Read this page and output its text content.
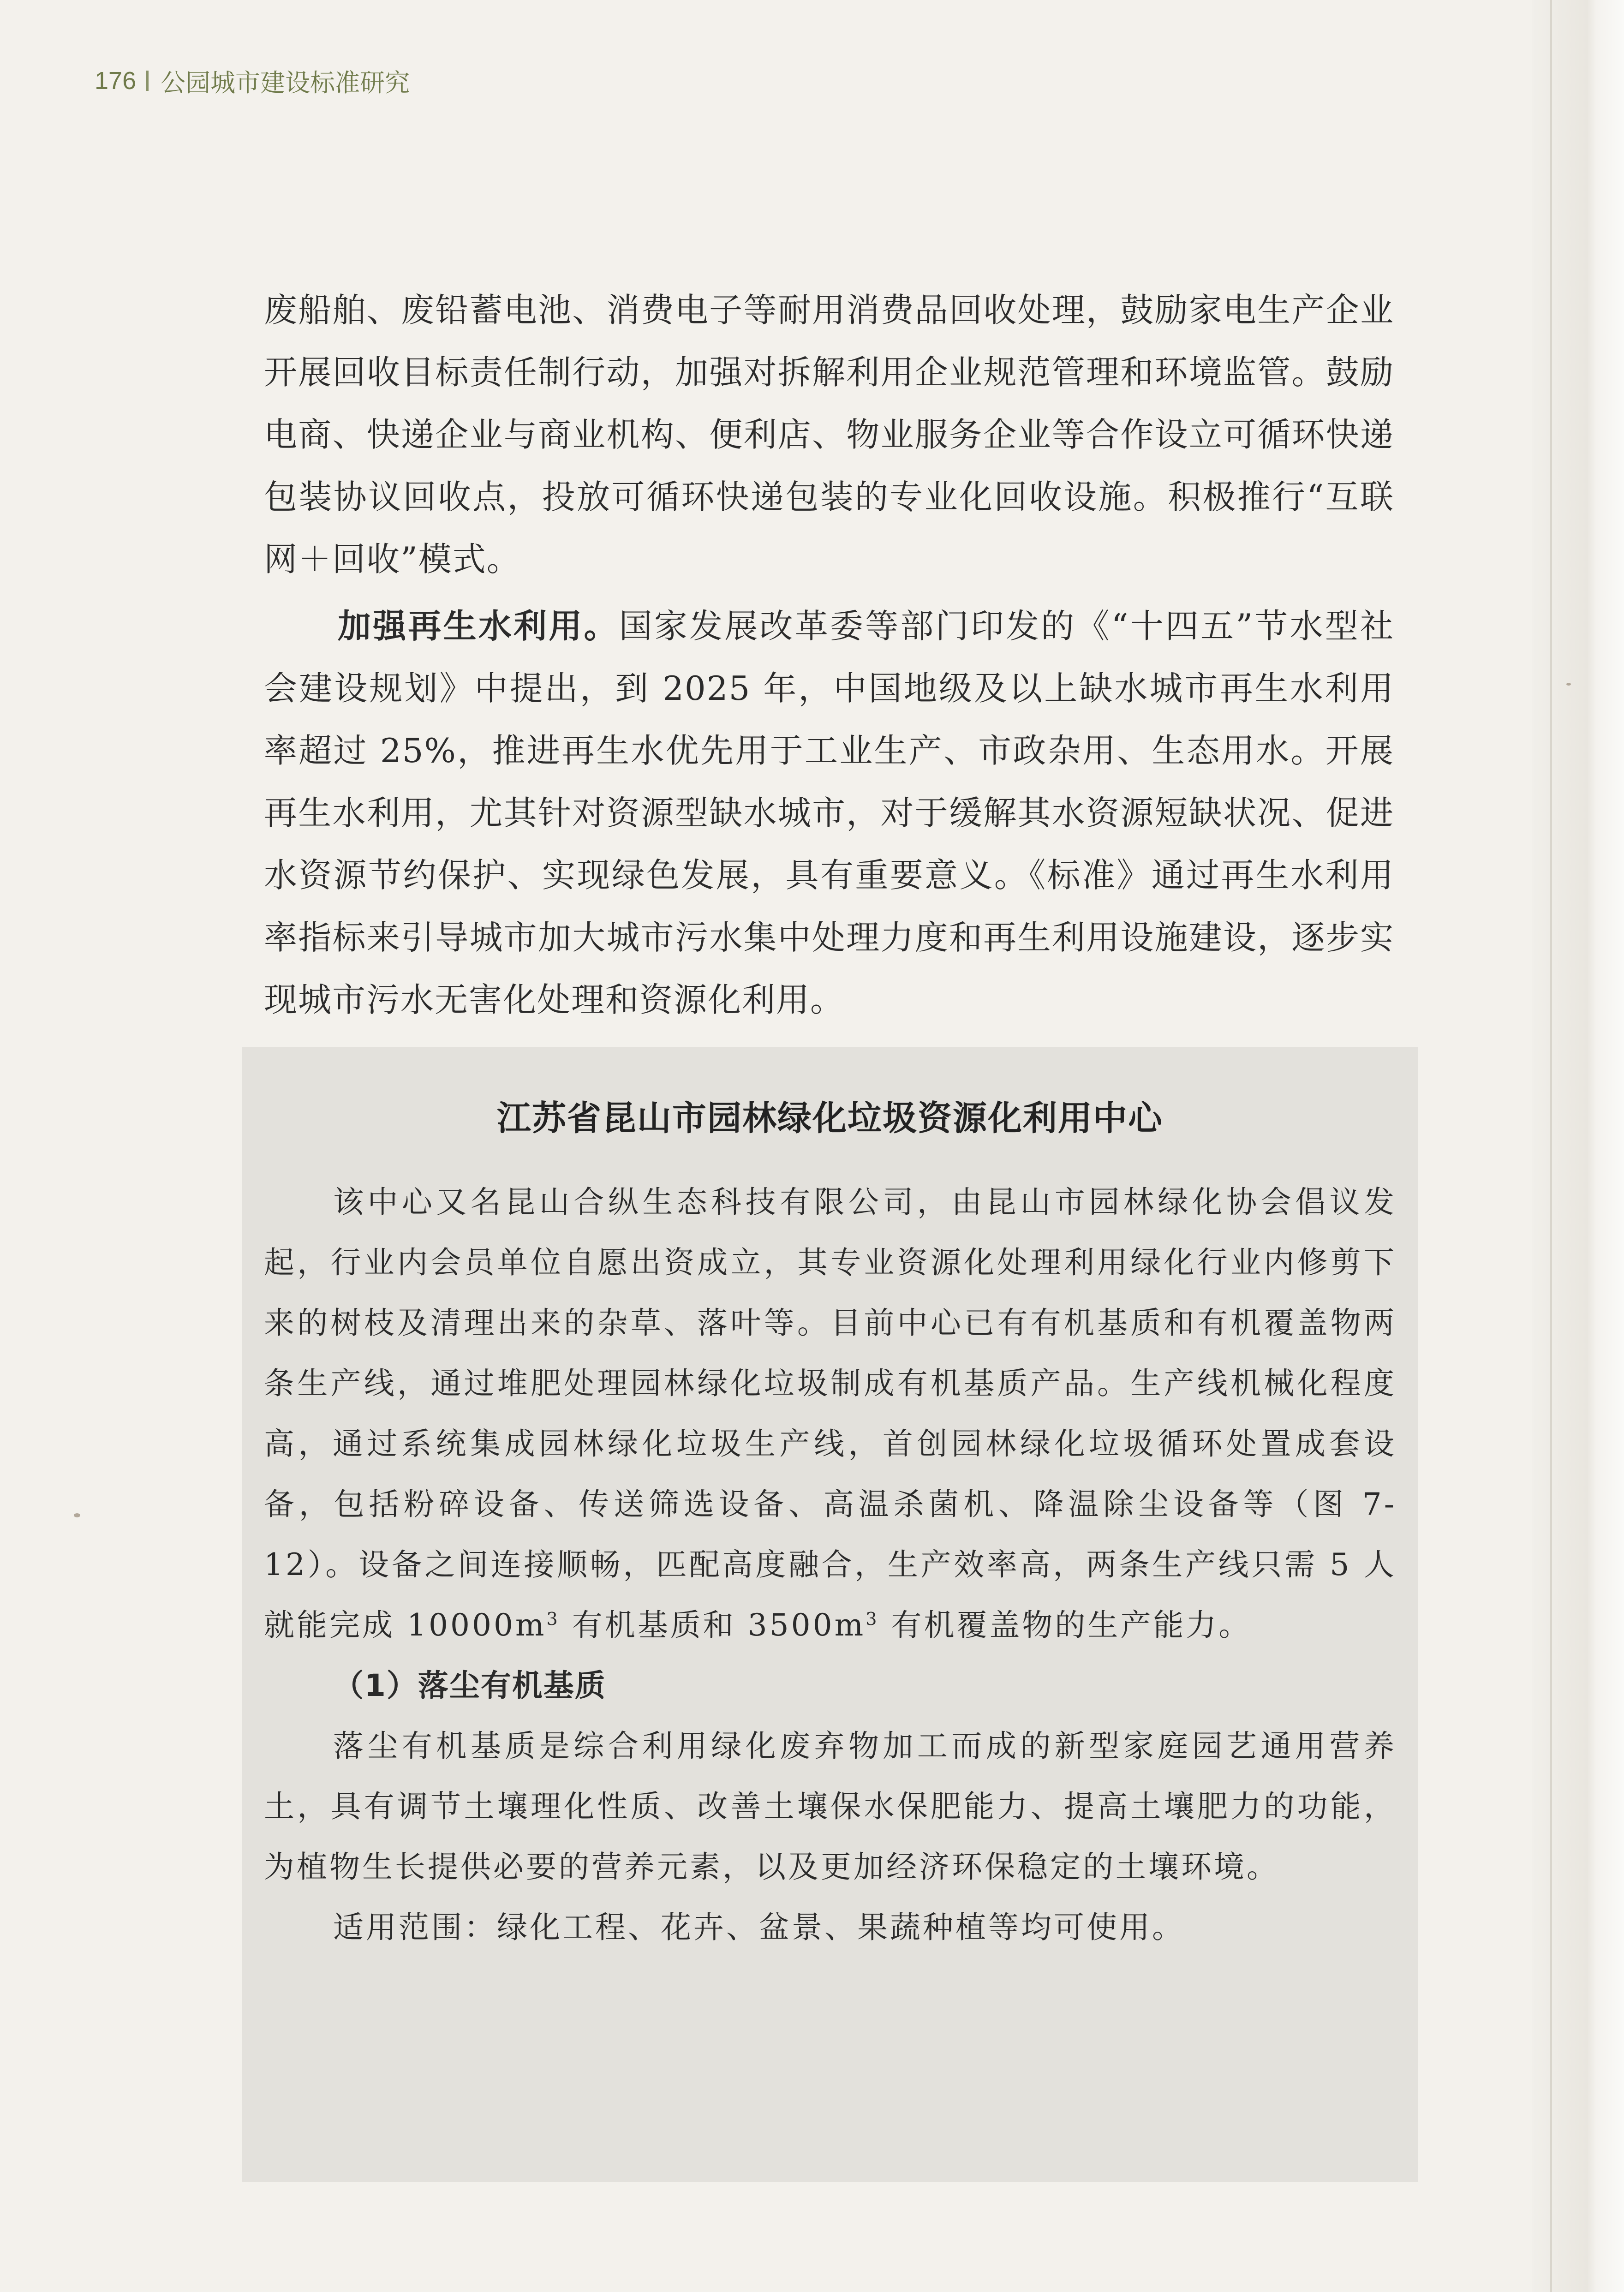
176 公园城市建设标准研究

废船舶、废铅蓄电池、消费电子等耐用消费品回收处理，鼓励家电生产企业开展回收目标责任制行动，加强对拆解利用企业规范管理和环境监管。鼓励电商、快递企业与商业机构、便利店、物业服务企业等合作设立可循环快递包装协议回收点，投放可循环快递包装的专业化回收设施。积极推行“互联网＋回收”模式。

加强再生水利用。国家发展改革委等部门印发的《“十四五”节水型社会建设规划》中提出，到 2025 年，中国地级及以上缺水城市再生水利用率超过 25%，推进再生水优先用于工业生产、市政杂用、生态用水。开展再生水利用，尤其针对资源型缺水城市，对于缓解其水资源短缺状况、促进水资源节约保护、实现绿色发展，具有重要意义。《标准》通过再生水利用率指标来引导城市加大城市污水集中处理力度和再生利用设施建设，逐步实现城市污水无害化处理和资源化利用。

江苏省昆山市园林绿化垃圾资源化利用中心

该中心又名昆山合纵生态科技有限公司，由昆山市园林绿化协会倡议发起，行业内会员单位自愿出资成立，其专业资源化处理利用绿化行业内修剪下来的树枝及清理出来的杂草、落叶等。目前中心已有有机基质和有机覆盖物两条生产线，通过堆肥处理园林绿化垃圾制成有机基质产品。生产线机械化程度高，通过系统集成园林绿化垃圾生产线，首创园林绿化垃圾循环处置成套设备，包括粉碎设备、传送筛选设备、高温杀菌机、降温除尘设备等（图 7-12）。设备之间连接顺畅，匹配高度融合，生产效率高，两条生产线只需 5 人就能完成 $10000m^3$ 有机基质和 $3500m^3$ 有机覆盖物的生产能力。

（1）落尘有机基质

落尘有机基质是综合利用绿化废弃物加工而成的新型家庭园艺通用营养土，具有调节土壤理化性质、改善土壤保水保肥能力、提高土壤肥力的功能，为植物生长提供必要的营养元素，以及更加经济环保稳定的土壤环境。

适用范围：绿化工程、花卉、盆景、果蔬种植等均可使用。
